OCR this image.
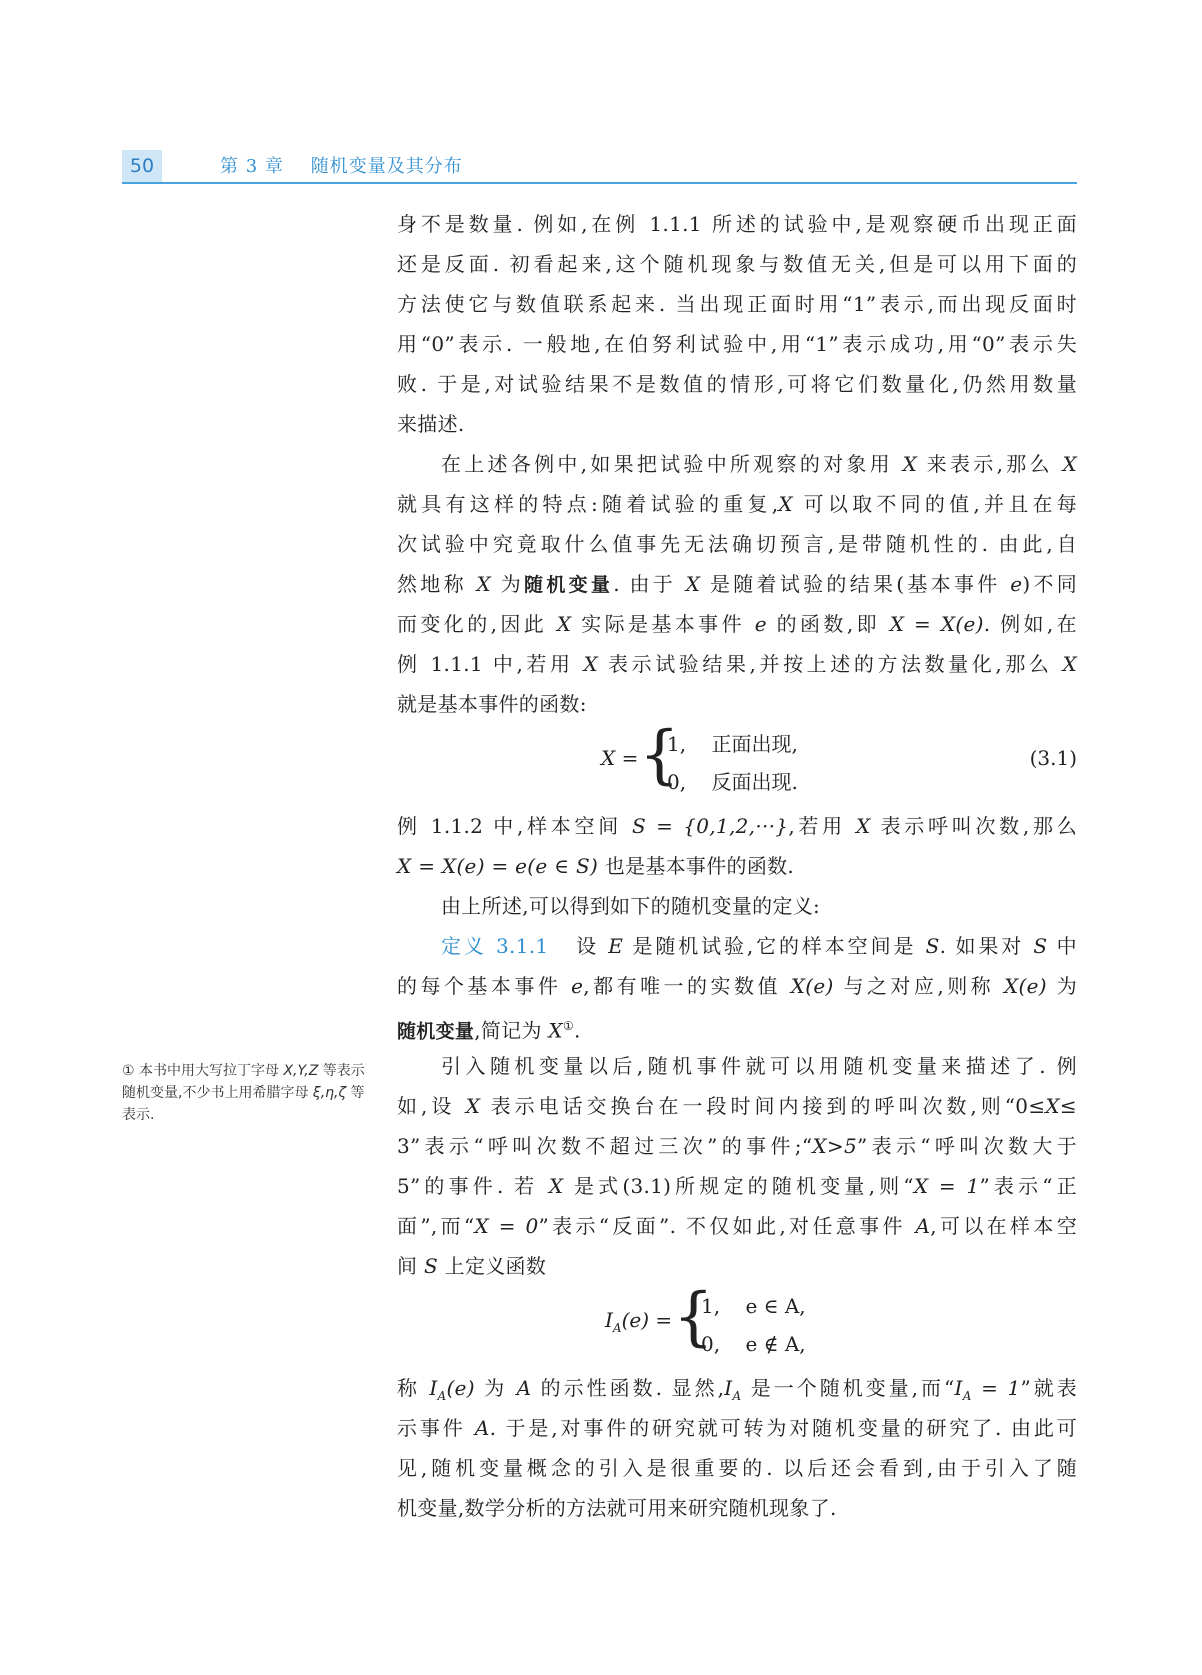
50	第 3 章    随机变量及其分布
身不是数量. 例如,在例 1.1.1 所述的试验中,是观察硬币出现正面
还是反面. 初看起来,这个随机现象与数值无关,但是可以用下面的
方法使它与数值联系起来. 当出现正面时用“1”表示,而出现反面时
用“0”表示. 一般地,在伯努利试验中,用“1”表示成功,用“0”表示失
败. 于是,对试验结果不是数值的情形,可将它们数量化,仍然用数量
来描述.
在上述各例中,如果把试验中所观察的对象用 X 来表示,那么 X
就具有这样的特点:随着试验的重复,X 可以取不同的值,并且在每
次试验中究竟取什么值事先无法确切预言,是带随机性的. 由此,自
然地称 X 为随机变量. 由于 X 是随着试验的结果(基本事件 e)不同
而变化的,因此 X 实际是基本事件 e 的函数,即 X = X(e). 例如,在
例 1.1.1 中,若用 X 表示试验结果,并按上述的方法数量化,那么 X
就是基本事件的函数:
X = {
1,    正面出现,
0,    反面出现.
(3.1)
例 1.1.2 中,样本空间 S = {0,1,2,···},若用 X 表示呼叫次数,那么
X = X(e) = e(e ∈ S) 也是基本事件的函数.
由上所述,可以得到如下的随机变量的定义:
定义 3.1.1 设 E 是随机试验,它的样本空间是 S. 如果对 S 中
的每个基本事件 e,都有唯一的实数值 X(e) 与之对应,则称 X(e) 为
随机变量,简记为 X①.
引入随机变量以后,随机事件就可以用随机变量来描述了. 例
如,设 X 表示电话交换台在一段时间内接到的呼叫次数,则“0≤X≤
3”表示“呼叫次数不超过三次”的事件;“X>5”表示“呼叫次数大于
5”的事件. 若 X 是式(3.1)所规定的随机变量,则“X = 1”表示“正
面”,而“X = 0”表示“反面”. 不仅如此,对任意事件 A,可以在样本空
间 S 上定义函数
$I_A(e)$ = {
1,    e ∈ A,
0,    e ∉ A,
称 $I_A(e)$ 为 A 的示性函数. 显然$,I_A$ 是一个随机变量,而“$I_A = 1$”就表
示事件 A. 于是,对事件的研究就可转为对随机变量的研究了. 由此可
见,随机变量概念的引入是很重要的. 以后还会看到,由于引入了随
机变量,数学分析的方法就可用来研究随机现象了.
① 本书中用大写拉丁字母 X,Y,Z 等表示随机变量,不少书上用希腊字母 ξ,η,ζ 等表示.
